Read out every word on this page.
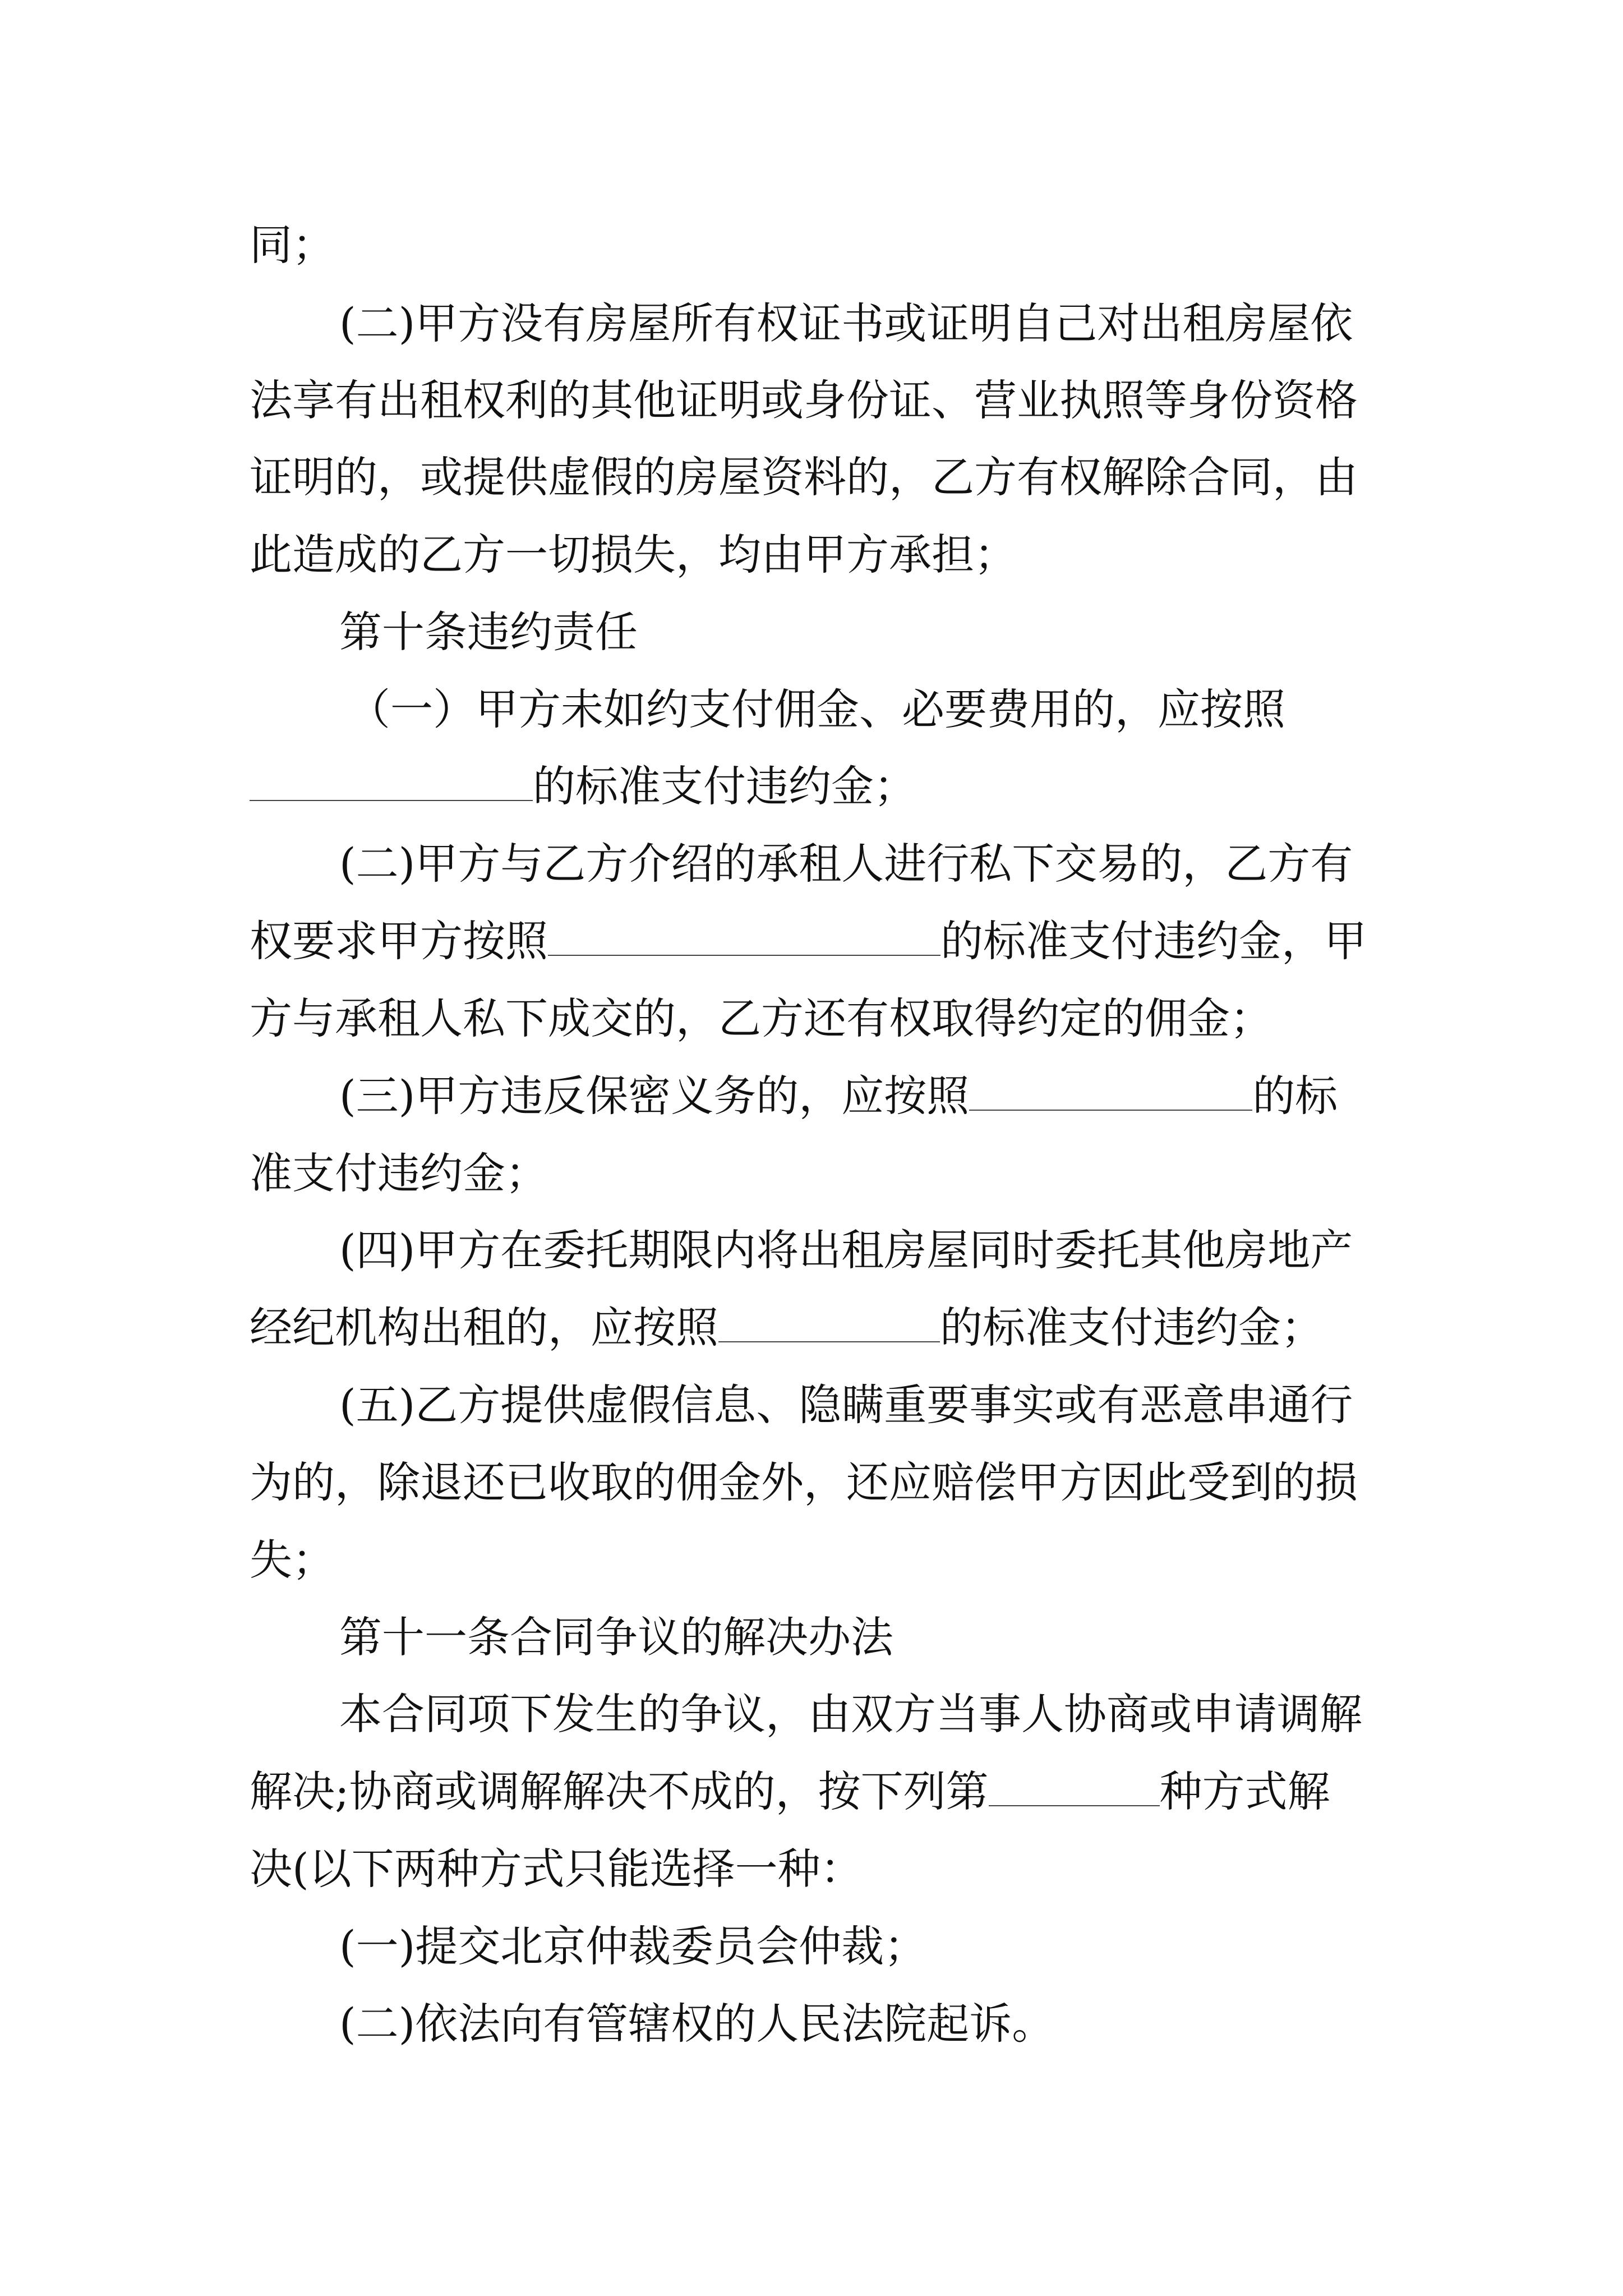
同；
(二)甲方没有房屋所有权证书或证明自己对出租房屋依
法享有出租权利的其他证明或身份证、营业执照等身份资格
证明的，或提供虚假的房屋资料的，乙方有权解除合同，由
此造成的乙方一切损失，均由甲方承担；
第十条违约责任
（一）甲方未如约支付佣金、必要费用的，应按照
的标准支付违约金；
(二)甲方与乙方介绍的承租人进行私下交易的，乙方有
权要求甲方按照	的标准支付违约金，甲
方与承租人私下成交的，乙方还有权取得约定的佣金；
(三)甲方违反保密义务的，应按照	的标
准支付违约金；
(四)甲方在委托期限内将出租房屋同时委托其他房地产
经纪机构出租的，应按照	的标准支付违约金；
(五)乙方提供虚假信息、隐瞒重要事实或有恶意串通行
为的，除退还已收取的佣金外，还应赔偿甲方因此受到的损
失；
第十一条合同争议的解决办法
本合同项下发生的争议，由双方当事人协商或申请调解
解决;协商或调解解决不成的，按下列第	种方式解
决(以下两种方式只能选择一种：
(一)提交北京仲裁委员会仲裁；
(二)依法向有管辖权的人民法院起诉。
